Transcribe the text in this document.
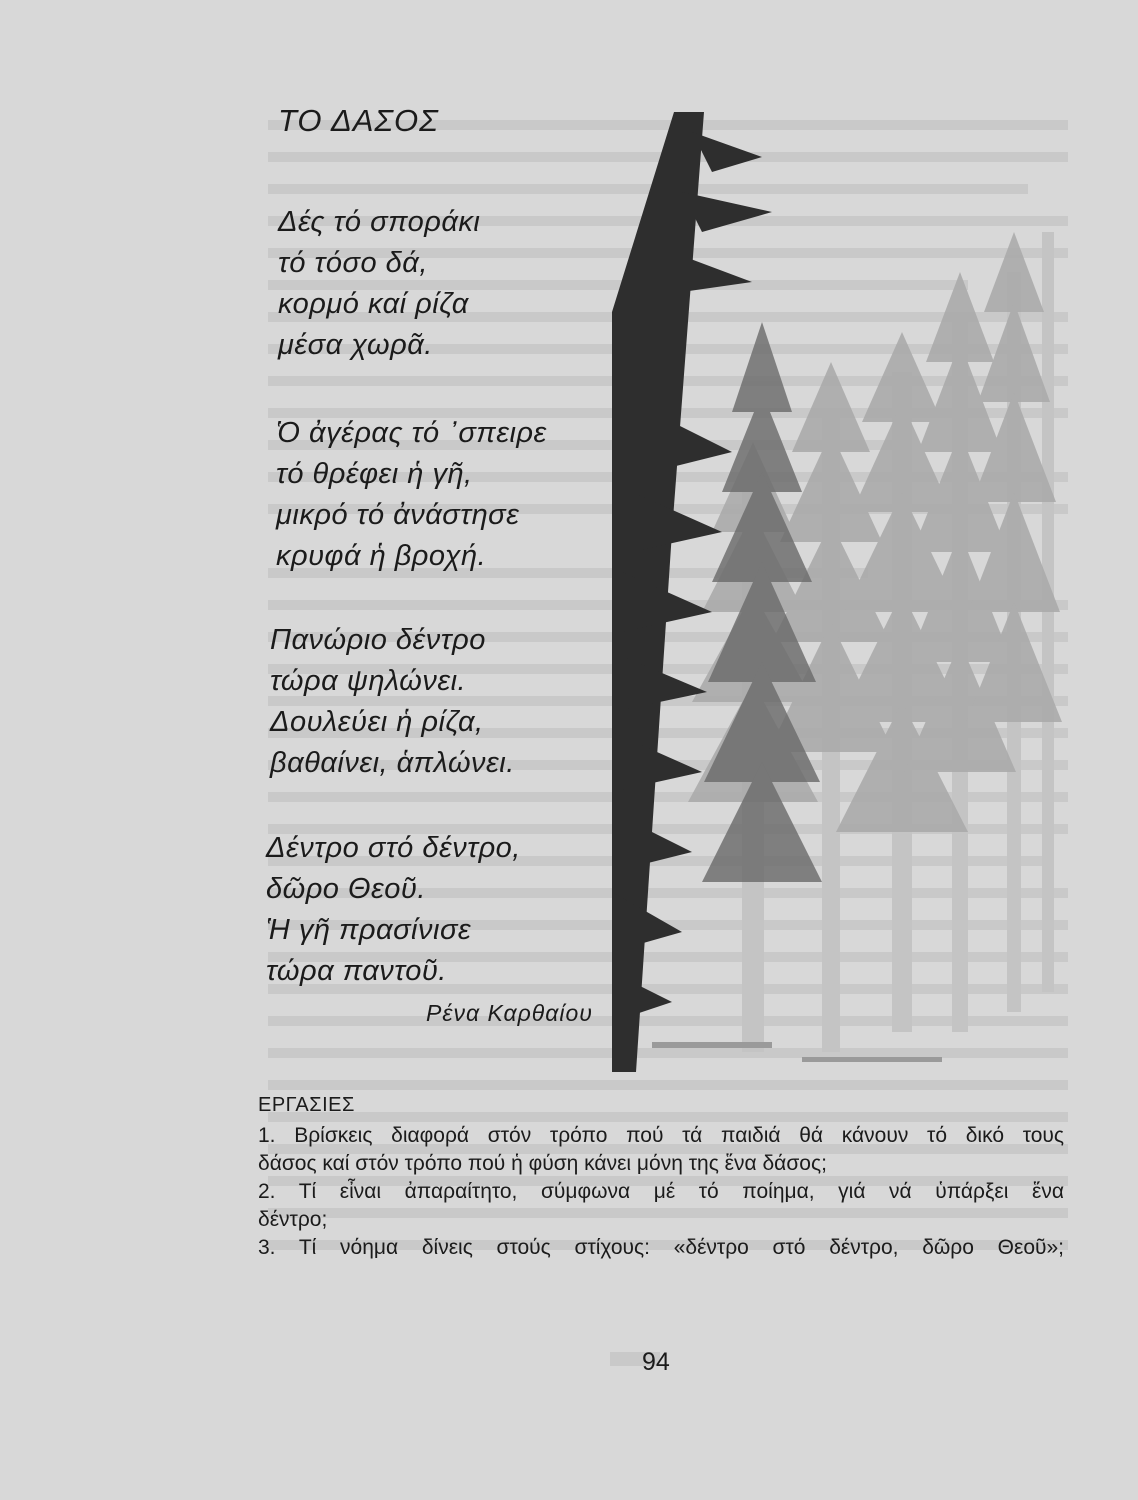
ΤΟ ΔΑΣΟΣ

Δές τό σποράκι
τό τόσο δά,
κορμό καί ρίζα
μέσα χωρᾶ.

Ὁ ἀγέρας τό ᾽σπειρε
τό θρέφει ἡ γῆ,
μικρό τό ἀνάστησε
κρυφά ἡ βροχή.

Πανώριο δέντρο
τώρα ψηλώνει.
Δουλεύει ἡ ρίζα,
βαθαίνει, ἁπλώνει.

Δέντρο στό δέντρο,
δῶρο Θεοῦ.
Ἡ γῆ πρασίνισε
τώρα παντοῦ.

Ρένα Καρθαίου
ΕΡΓΑΣΙΕΣ
1. Βρίσκεις διαφορά στόν τρόπο πού τά παιδιά θά κάνουν τό δικό τους
δάσος καί στόν τρόπο πού ἡ φύση κάνει μόνη της ἕνα δάσος;
2. Τί εἶναι ἀπαραίτητο, σύμφωνα μέ τό ποίημα, γιά νά ὑπάρξει ἕνα
δέντρο;
3. Τί νόημα δίνεις στούς στίχους: «δέντρο στό δέντρο, δῶρο Θεοῦ»;
94
